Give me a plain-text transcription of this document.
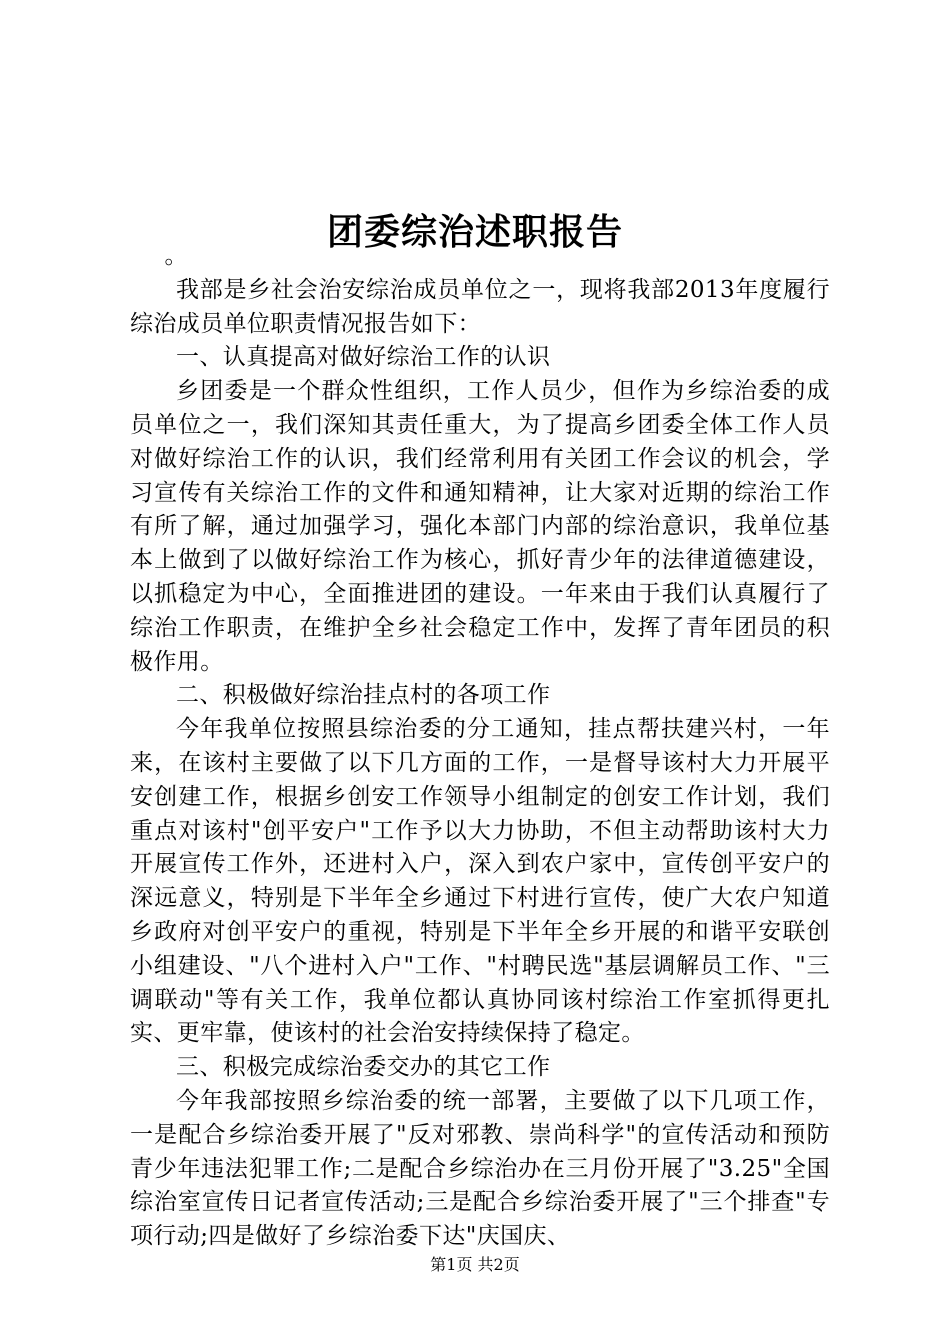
团委综治述职报告

。

我部是乡社会治安综治成员单位之一，现将我部2013年度履行综治成员单位职责情况报告如下：

一、认真提高对做好综治工作的认识

乡团委是一个群众性组织，工作人员少，但作为乡综治委的成员单位之一，我们深知其责任重大，为了提高乡团委全体工作人员对做好综治工作的认识，我们经常利用有关团工作会议的机会，学习宣传有关综治工作的文件和通知精神，让大家对近期的综治工作有所了解，通过加强学习，强化本部门内部的综治意识，我单位基本上做到了以做好综治工作为核心，抓好青少年的法律道德建设，以抓稳定为中心，全面推进团的建设。一年来由于我们认真履行了综治工作职责，在维护全乡社会稳定工作中，发挥了青年团员的积极作用。

二、积极做好综治挂点村的各项工作

今年我单位按照县综治委的分工通知，挂点帮扶建兴村，一年来，在该村主要做了以下几方面的工作，一是督导该村大力开展平安创建工作，根据乡创安工作领导小组制定的创安工作计划，我们重点对该村"创平安户"工作予以大力协助，不但主动帮助该村大力开展宣传工作外，还进村入户，深入到农户家中，宣传创平安户的深远意义，特别是下半年全乡通过下村进行宣传，使广大农户知道乡政府对创平安户的重视，特别是下半年全乡开展的和谐平安联创小组建设、"八个进村入户"工作、"村聘民选"基层调解员工作、"三调联动"等有关工作，我单位都认真协同该村综治工作室抓得更扎实、更牢靠，使该村的社会治安持续保持了稳定。

三、积极完成综治委交办的其它工作

今年我部按照乡综治委的统一部署，主要做了以下几项工作，一是配合乡综治委开展了"反对邪教、崇尚科学"的宣传活动和预防青少年违法犯罪工作;二是配合乡综治办在三月份开展了"3.25"全国综治室宣传日记者宣传活动;三是配合乡综治委开展了"三个排查"专项行动;四是做好了乡综治委下达"庆国庆、

第1页 共2页
